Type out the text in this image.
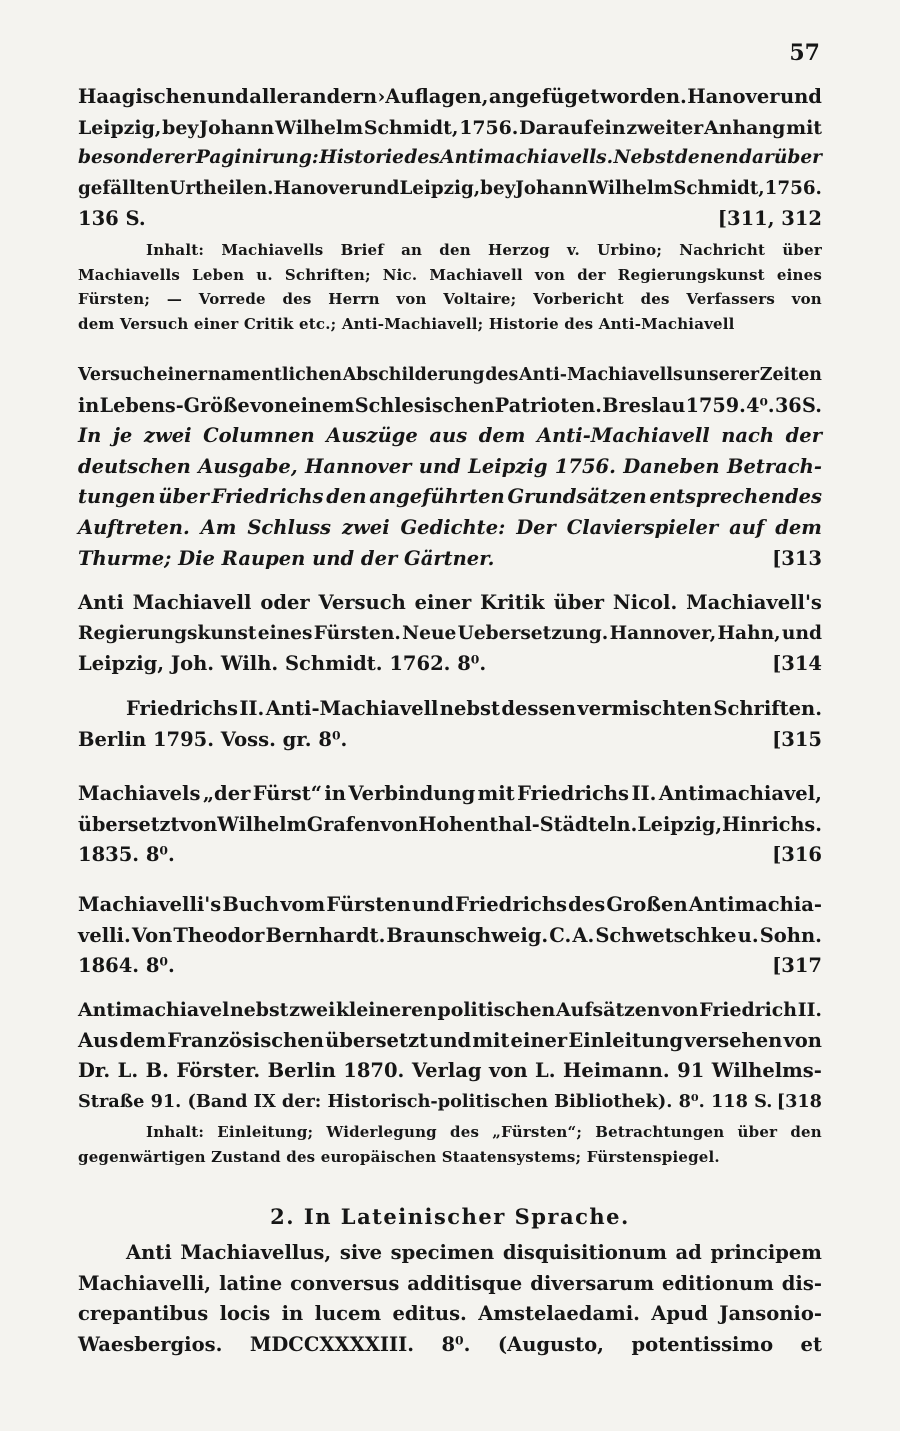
57
Haagischen und aller andern ›Auflagen, angefüget worden. Hanover und
Leipzig, bey Johann Wilhelm Schmidt, 1756. Darauf ein zweiter Anhang mit
besonderer Paginirung: Historie des Antimachiavells. Nebst denen darüber
gefällten Urtheilen. Hanover und Leipzig, bey Johann Wilhelm Schmidt, 1756.
136 S.	[311, 312
Inhalt: Machiavells Brief an den Herzog v. Urbino; Nachricht über
Machiavells Leben u. Schriften; Nic. Machiavell von der Regierungskunst eines
Fürsten; — Vorrede des Herrn von Voltaire; Vorbericht des Verfassers von
dem Versuch einer Critik etc.; Anti-Machiavell; Historie des Anti-Machiavell
Versuch einer namentlichen Abschilderung des Anti-Machiavells unserer Zeiten
in Lebens-Größe von einem Schlesischen Patrioten. Breslau 1759. 4⁰. 36 S.
In je zwei Columnen Auszüge aus dem Anti-Machiavell nach der
deutschen Ausgabe, Hannover und Leipzig 1756. Daneben Betrach-
tungen über Friedrichs den angeführten Grundsätzen entsprechendes
Auftreten. Am Schluss zwei Gedichte: Der Clavierspieler auf dem
Thurme; Die Raupen und der Gärtner.	[313
Anti Machiavell oder Versuch einer Kritik über Nicol. Machiavell's
Regierungskunst eines Fürsten. Neue Uebersetzung. Hannover, Hahn, und
Leipzig, Joh. Wilh. Schmidt. 1762. 8⁰.	[314
Friedrichs II. Anti-Machiavell nebst dessen vermischten Schriften.
Berlin 1795. Voss. gr. 8⁰.	[315
Machiavels „der Fürst“ in Verbindung mit Friedrichs II. Antimachiavel,
übersetzt von Wilhelm Grafen von Hohenthal-Städteln. Leipzig, Hinrichs.
1835. 8⁰.	[316
Machiavelli's Buch vom Fürsten und Friedrichs des Großen Antimachia-
velli. Von Theodor Bernhardt. Braunschweig. C. A. Schwetschke u. Sohn.
1864. 8⁰.	[317
Antimachiavel nebst zwei kleineren politischen Aufsätzen von Friedrich II.
Aus dem Französischen übersetzt und mit einer Einleitung versehen von
Dr. L. B. Förster. Berlin 1870. Verlag von L. Heimann. 91 Wilhelms-
Straße 91. (Band IX der: Historisch-politischen Bibliothek). 8⁰. 118 S. [318
Inhalt: Einleitung; Widerlegung des „Fürsten“; Betrachtungen über den
gegenwärtigen Zustand des europäischen Staatensystems; Fürstenspiegel.
2. In Lateinischer Sprache.
Anti Machiavellus, sive specimen disquisitionum ad principem
Machiavelli, latine conversus additisque diversarum editionum dis-
crepantibus locis in lucem editus. Amstelaedami. Apud Jansonio-
Waesbergios. MDCCXXXXIII. 8⁰. (Augusto, potentissimo et
